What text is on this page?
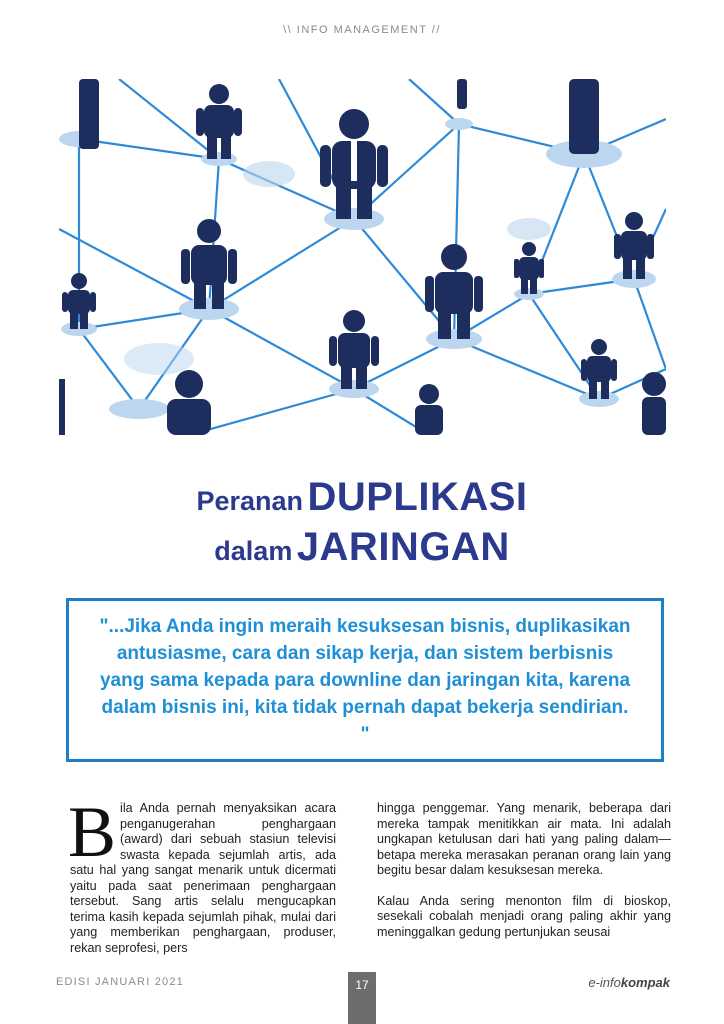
\\ INFO MANAGEMENT //
Peranan DUPLIKASI
dalam JARINGAN
"...Jika Anda ingin meraih kesuksesan bisnis, duplikasikan antusiasme, cara dan sikap kerja, dan sistem berbisnis yang sama kepada para downline dan jaringan kita, karena dalam bisnis ini, kita tidak pernah dapat bekerja sendirian. "

Bila Anda pernah menyaksikan acara penganugerahan penghargaan (award) dari sebuah stasiun televisi swasta kepada sejumlah artis, ada satu hal yang sangat menarik untuk dicermati yaitu pada saat penerimaan penghargaan tersebut. Sang artis selalu mengucapkan terima kasih kepada sejumlah pihak, mulai dari yang memberikan penghargaan, produser, rekan seprofesi, pers

hingga penggemar. Yang menarik, beberapa dari mereka tampak menitikkan air mata. Ini adalah ungkapan ketulusan dari hati yang paling dalam—betapa mereka merasakan peranan orang lain yang begitu besar dalam kesuksesan mereka.

Kalau Anda sering menonton film di bioskop, sesekali cobalah menjadi orang paling akhir yang meninggalkan gedung pertunjukan seusai

EDISI JANUARI 2021	17	e-infokompak
